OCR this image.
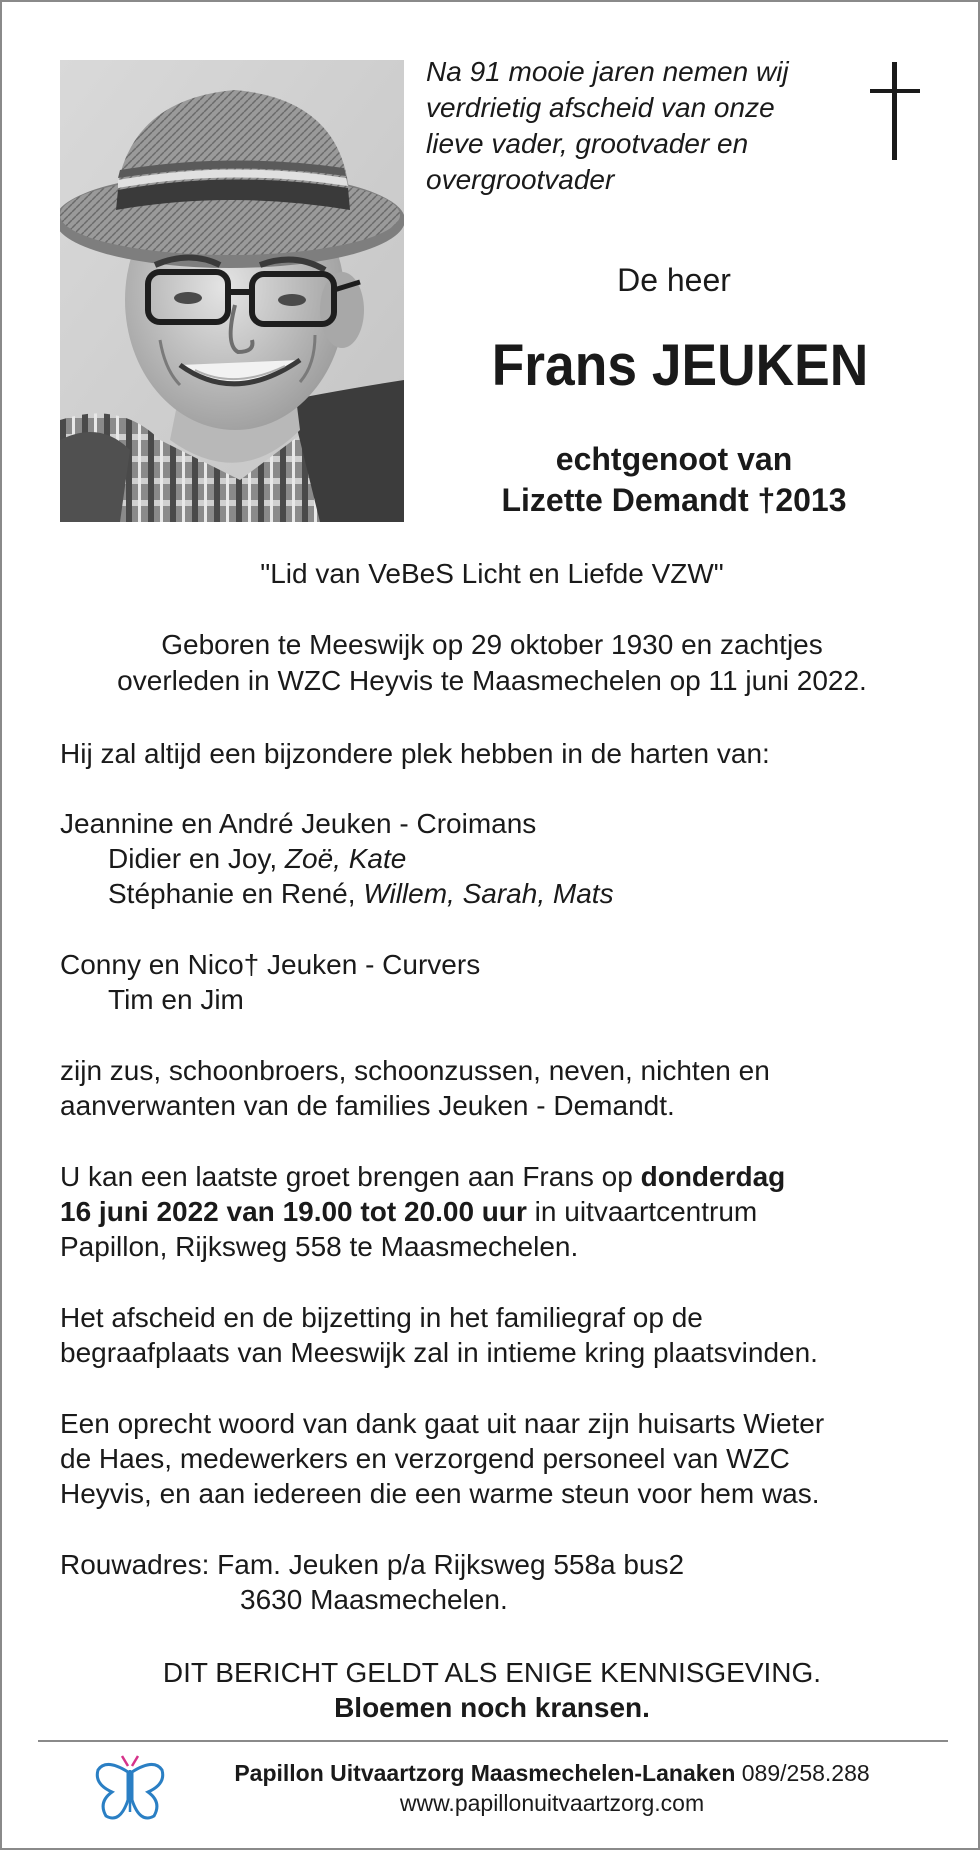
Na 91 mooie jaren nemen wij
verdrietig afscheid van onze
lieve vader, grootvader en
overgrootvader
De heer
Frans JEUKEN
echtgenoot van
Lizette Demandt †2013
"Lid van VeBeS Licht en Liefde VZW"
Geboren te Meeswijk op 29 oktober 1930 en zachtjes
overleden in WZC Heyvis te Maasmechelen op 11 juni 2022.
Hij zal altijd een bijzondere plek hebben in de harten van:
Jeannine en André Jeuken - Croimans
Didier en Joy, Zoë, Kate
Stéphanie en René, Willem, Sarah, Mats
Conny en Nico† Jeuken - Curvers
Tim en Jim
zijn zus, schoonbroers, schoonzussen, neven, nichten en
aanverwanten van de families Jeuken - Demandt.
U kan een laatste groet brengen aan Frans op donderdag
16 juni 2022 van 19.00 tot 20.00 uur in uitvaartcentrum
Papillon, Rijksweg 558 te Maasmechelen.
Het afscheid en de bijzetting in het familiegraf op de
begraafplaats van Meeswijk zal in intieme kring plaatsvinden.
Een oprecht woord van dank gaat uit naar zijn huisarts Wieter
de Haes, medewerkers en verzorgend personeel van WZC
Heyvis, en aan iedereen die een warme steun voor hem was.
Rouwadres: Fam. Jeuken p/a Rijksweg 558a bus2
3630 Maasmechelen.
DIT BERICHT GELDT ALS ENIGE KENNISGEVING.
Bloemen noch kransen.
Papillon Uitvaartzorg Maasmechelen-Lanaken 089/258.288
www.papillonuitvaartzorg.com
